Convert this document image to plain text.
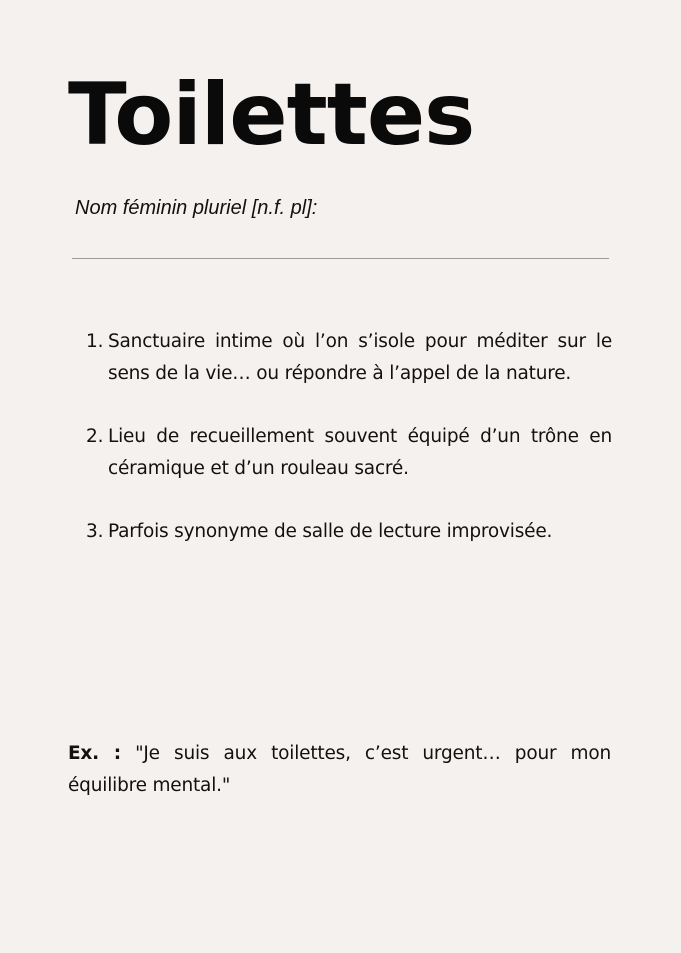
Toilettes

Nom féminin pluriel [n.f. pl]:

1. Sanctuaire intime où l’on s’isole pour méditer sur le sens de la vie… ou répondre à l’appel de la nature.
2. Lieu de recueillement souvent équipé d’un trône en céramique et d’un rouleau sacré.
3. Parfois synonyme de salle de lecture improvisée.

Ex. : "Je suis aux toilettes, c’est urgent… pour mon équilibre mental."
